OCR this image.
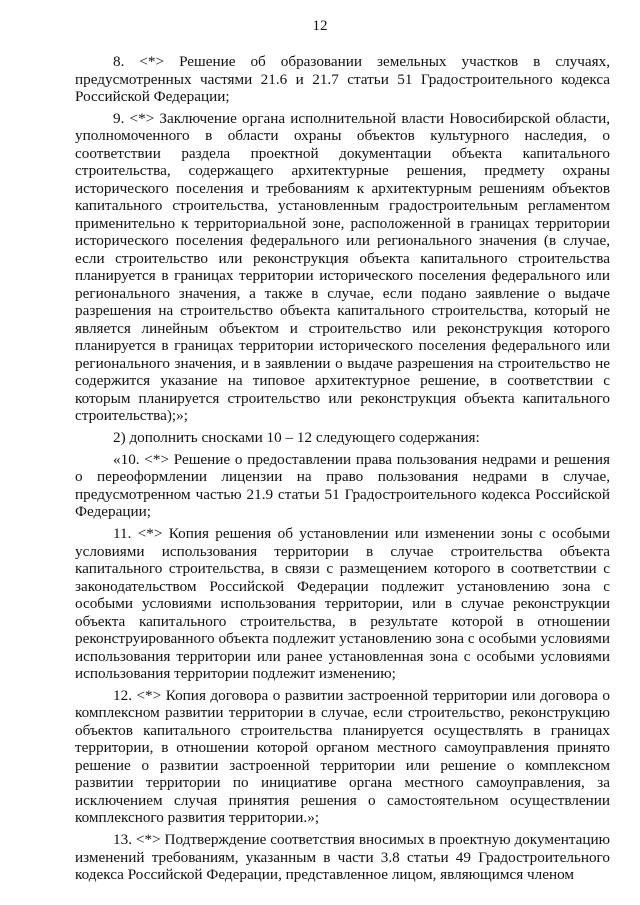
12

8. <*> Решение об образовании земельных участков в случаях, предусмотренных частями 21.6 и 21.7 статьи 51 Градостроительного кодекса Российской Федерации;

9. <*> Заключение органа исполнительной власти Новосибирской области, уполномоченного в области охраны объектов культурного наследия, о соответствии раздела проектной документации объекта капитального строительства, содержащего архитектурные решения, предмету охраны исторического поселения и требованиям к архитектурным решениям объектов капитального строительства, установленным градостроительным регламентом применительно к территориальной зоне, расположенной в границах территории исторического поселения федерального или регионального значения (в случае, если строительство или реконструкция объекта капитального строительства планируется в границах территории исторического поселения федерального или регионального значения, а также в случае, если подано заявление о выдаче разрешения на строительство объекта капитального строительства, который не является линейным объектом и строительство или реконструкция которого планируется в границах территории исторического поселения федерального или регионального значения, и в заявлении о выдаче разрешения на строительство не содержится указание на типовое архитектурное решение, в соответствии с которым планируется строительство или реконструкция объекта капитального строительства);»;

2) дополнить сносками 10 – 12 следующего содержания:

«10. <*> Решение о предоставлении права пользования недрами и решения о переоформлении лицензии на право пользования недрами в случае, предусмотренном частью 21.9 статьи 51 Градостроительного кодекса Российской Федерации;

11. <*> Копия решения об установлении или изменении зоны с особыми условиями использования территории в случае строительства объекта капитального строительства, в связи с размещением которого в соответствии с законодательством Российской Федерации подлежит установлению зона с особыми условиями использования территории, или в случае реконструкции объекта капитального строительства, в результате которой в отношении реконструированного объекта подлежит установлению зона с особыми условиями использования территории или ранее установленная зона с особыми условиями использования территории подлежит изменению;

12. <*> Копия договора о развитии застроенной территории или договора о комплексном развитии территории в случае, если строительство, реконструкцию объектов капитального строительства планируется осуществлять в границах территории, в отношении которой органом местного самоуправления принято решение о развитии застроенной территории или решение о комплексном развитии территории по инициативе органа местного самоуправления, за исключением случая принятия решения о самостоятельном осуществлении комплексного развития территории.»;

13. <*> Подтверждение соответствия вносимых в проектную документацию изменений требованиям, указанным в части 3.8 статьи 49 Градостроительного кодекса Российской Федерации, представленное лицом, являющимся членом
